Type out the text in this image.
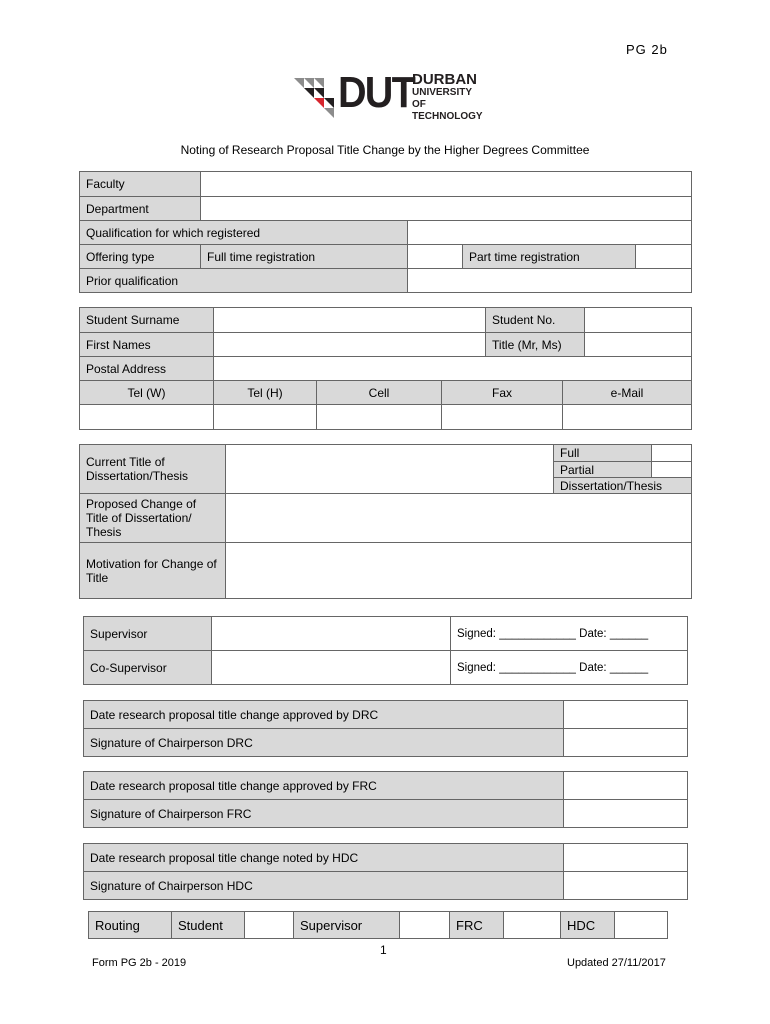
PG 2b
DUT
DURBAN
UNIVERSITY OF
TECHNOLOGY
Noting of Research Proposal Title Change by the Higher Degrees Committee
Faculty				
Department				
Qualification for which registered				
Offering type	Full time registration		Part time registration	
Prior qualification				
Student Surname				Student No.		
First Names				Title (Mr, Ms)		
Postal Address						
Tel (W)	Tel (H)	Cell	Fax		e-Mail	

Current Title of Dissertation/Thesis		Full	
		Partial	
		Dissertation/Thesis	
Proposed Change of Title of Dissertation/ Thesis			
Motivation for Change of Title			
Supervisor		Signed: ____________ Date: ______
Co-Supervisor		Signed: ____________ Date: ______
Date research proposal title change approved by DRC	
Signature of Chairperson DRC	
Date research proposal title change approved by FRC	
Signature of Chairperson FRC	
Date research proposal title change noted by HDC	
Signature of Chairperson HDC	
Routing	Student		Supervisor		FRC		HDC	
1
Form PG 2b - 2019	Updated 27/11/2017
